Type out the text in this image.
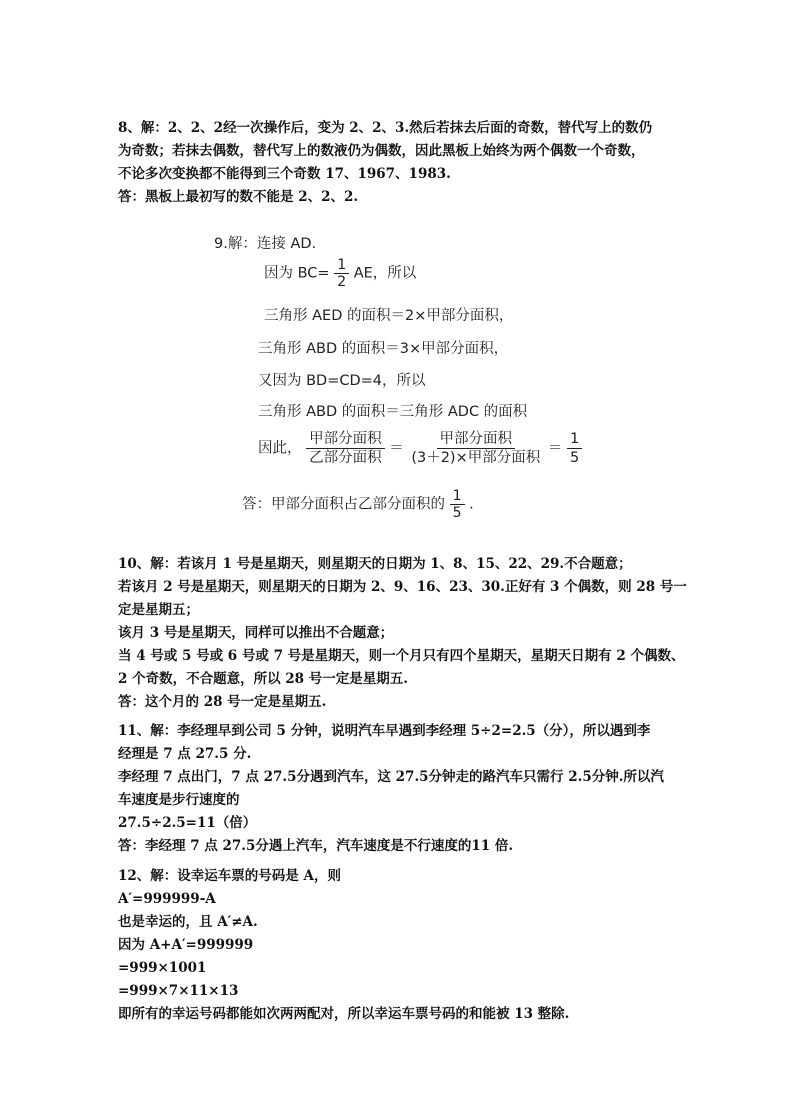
8、解：2、2、2经一次操作后，变为 2、2、3.然后若抹去后面的奇数，替代写上的数仍
为奇数；若抹去偶数，替代写上的数液仍为偶数，因此黑板上始终为两个偶数一个奇数，
不论多次变换都不能得到三个奇数 17、1967、1983.
答：黑板上最初写的数不能是 2、2、2.
9.解：连接 AD.
因为 $BC= \frac{1}{2}$ AE，所以
三角形 AED 的面积＝2×甲部分面积，
三角形 ABD 的面积＝3×甲部分面积，
又因为 BD=CD=4，所以
三角形 ABD 的面积＝三角形 ADC 的面积
因此， $\frac{\text{甲部分面积}}{\text{乙部分面积}} = \frac{\text{甲部分面积}}{\text{(3＋2)×甲部分面积}} = \frac{1}{5}$
答：甲部分面积占乙部分面积的 $\frac{1}{5}$ .
10、解：若该月 1 号是星期天，则星期天的日期为 1、8、15、22、29.不合题意；
若该月 2 号是星期天，则星期天的日期为 2、9、16、23、30.正好有 3 个偶数，则 28 号一
定是星期五；
该月 3 号是星期天，同样可以推出不合题意；
当 4 号或 5 号或 6 号或 7 号是星期天，则一个月只有四个星期天，星期天日期有 2 个偶数、
2 个奇数，不合题意，所以 28 号一定是星期五.
答：这个月的 28 号一定是星期五.
11、解：李经理早到公司 5 分钟，说明汽车早遇到李经理 5÷2=2.5（分），所以遇到李
经理是 7 点 27.5 分.
李经理 7 点出门，7 点 27.5分遇到汽车，这 27.5分钟走的路汽车只需行 2.5分钟.所以汽
车速度是步行速度的
27.5÷2.5=11（倍）
答：李经理 7 点 27.5分遇上汽车，汽车速度是不行速度的11 倍.
12、解：设幸运车票的号码是 A，则
A′=999999-A
也是幸运的，且 A′≠A.
因为 A+A′=999999
=999×1001
=999×7×11×13
即所有的幸运号码都能如次两两配对，所以幸运车票号码的和能被 13 整除.
